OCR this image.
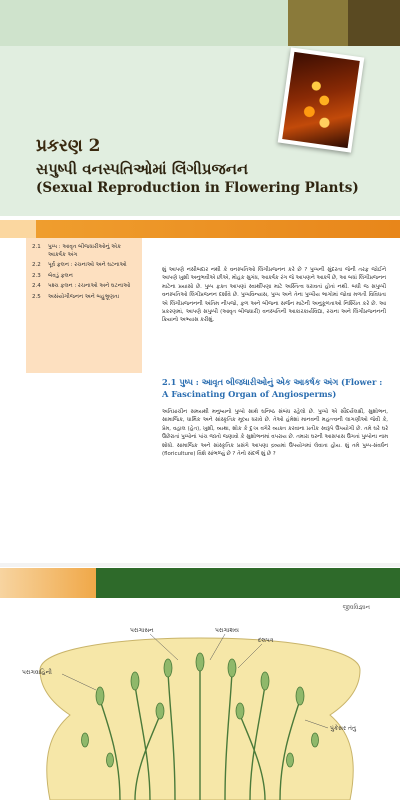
પ્રકરણ 2
સપુષ્પી વનસ્પતિઓમાં લિંગીપ્રજનન
(Sexual Reproduction in Flowering Plants)
2.1	પુષ્પ : આવૃત બીજધારીઓનું એક આકર્ષક અંગ
2.2	પૂર્વ ફલન : રચનાઓ અને ઘટનાઓ
2.3	બેવડું ફલન
2.4	પશ્ચ ફલન : રચનાઓ અને ઘટનાઓ
2.5	અસંયોગીજનન અને બહુભ્રૂણતા
શું આપણે નસીબદાર નથી કે વનસ્પતિઓ લિંગીપ્રજનન કરે છે ? પુષ્પની સુંદરતા જેની તરફ જોઈને આપણે ખુશી અનુભવીએ છીએ, મોહક સુગંધ, આકર્ષક રંગ જે આપણને આકર્ષે છે, આ બધાં લિંગીપ્રજનન માટેના પ્રયાસો છે. પુષ્પ ફક્ત આપણાં સ્વાર્થીપણા માટે અસ્તિત્વ ધરાવતાં હોતાં નથી. બધી જ સપુષ્પી વનસ્પતિઓ લિંગીપ્રજનન દર્શાવે છે. પુષ્પવિન્યાસ, પુષ્પ અને તેના પુષ્પીય ભાગોમાં જોવા મળતી વિવિધતા એ લિંગીપ્રજનનની અંતિમ નીપજો, ફળ અને બીજના સર્જન માટેની અનુકૂળતાઓ નિશ્ચિત કરે છે. આ પ્રકરણમાં, આપણે સપુષ્પી (આવૃત બીજધારી) વનસ્પતિની આકારકાર્યવિદ્યા, રચના અને લિંગીપ્રજનનની ક્રિયાનો અભ્યાસ કરીશું.
2.1 પુષ્પ : આવૃત બીજધારીઓનું એક આકર્ષક અંગ (Flower : A Fascinating Organ of Angiosperms)
અતિપ્રાચીન સમયથી મનુષ્યનો પુષ્પો સાથે ઘનિષ્ઠ સંબંધ રહેલો છે. પુષ્પો એ સૌંદર્યલક્ષી, સુશોભન, સામાજિક, ધાર્મિક અને સાંસ્કૃતિક મૂલ્ય ધરાવે છે. તેઓ હંમેશાં માનવની મહત્ત્વની લાગણીઓ જેવી કે, પ્રેમ, વહાલ (હેત), ખુશી, વ્યથા, શોક કે દુઃખ વગેરે વ્યક્ત કરવાના પ્રતીક સ્વરૂપે ઉપયોગી છે. તમે ઘરે ઘરે ઉછેરાતાં પુષ્પોનાં પાંચ જાતો જણાવો કે સુશોભનમાં વપરાય છે. તમારા ઘરની આસપાસ ઉગતાં પુષ્પોના નામ શોધો. સામાજિક અને સાંસ્કૃતિક પ્રસંગે આપણા દ્રવ્યમાં ઉપયોગમાં લેવાતા હોય. શું તમે પુષ્પ-સંવર્ધન (floriculture) વિશે સાંભળ્યું છે ? તેનો સંદર્ભ શું છે ?
જીવવિજ્ઞાન
પરાગાસન	પરાગાશય
દલપત્ર
પરાગવાહિની
પુંકેસર તંતુ
